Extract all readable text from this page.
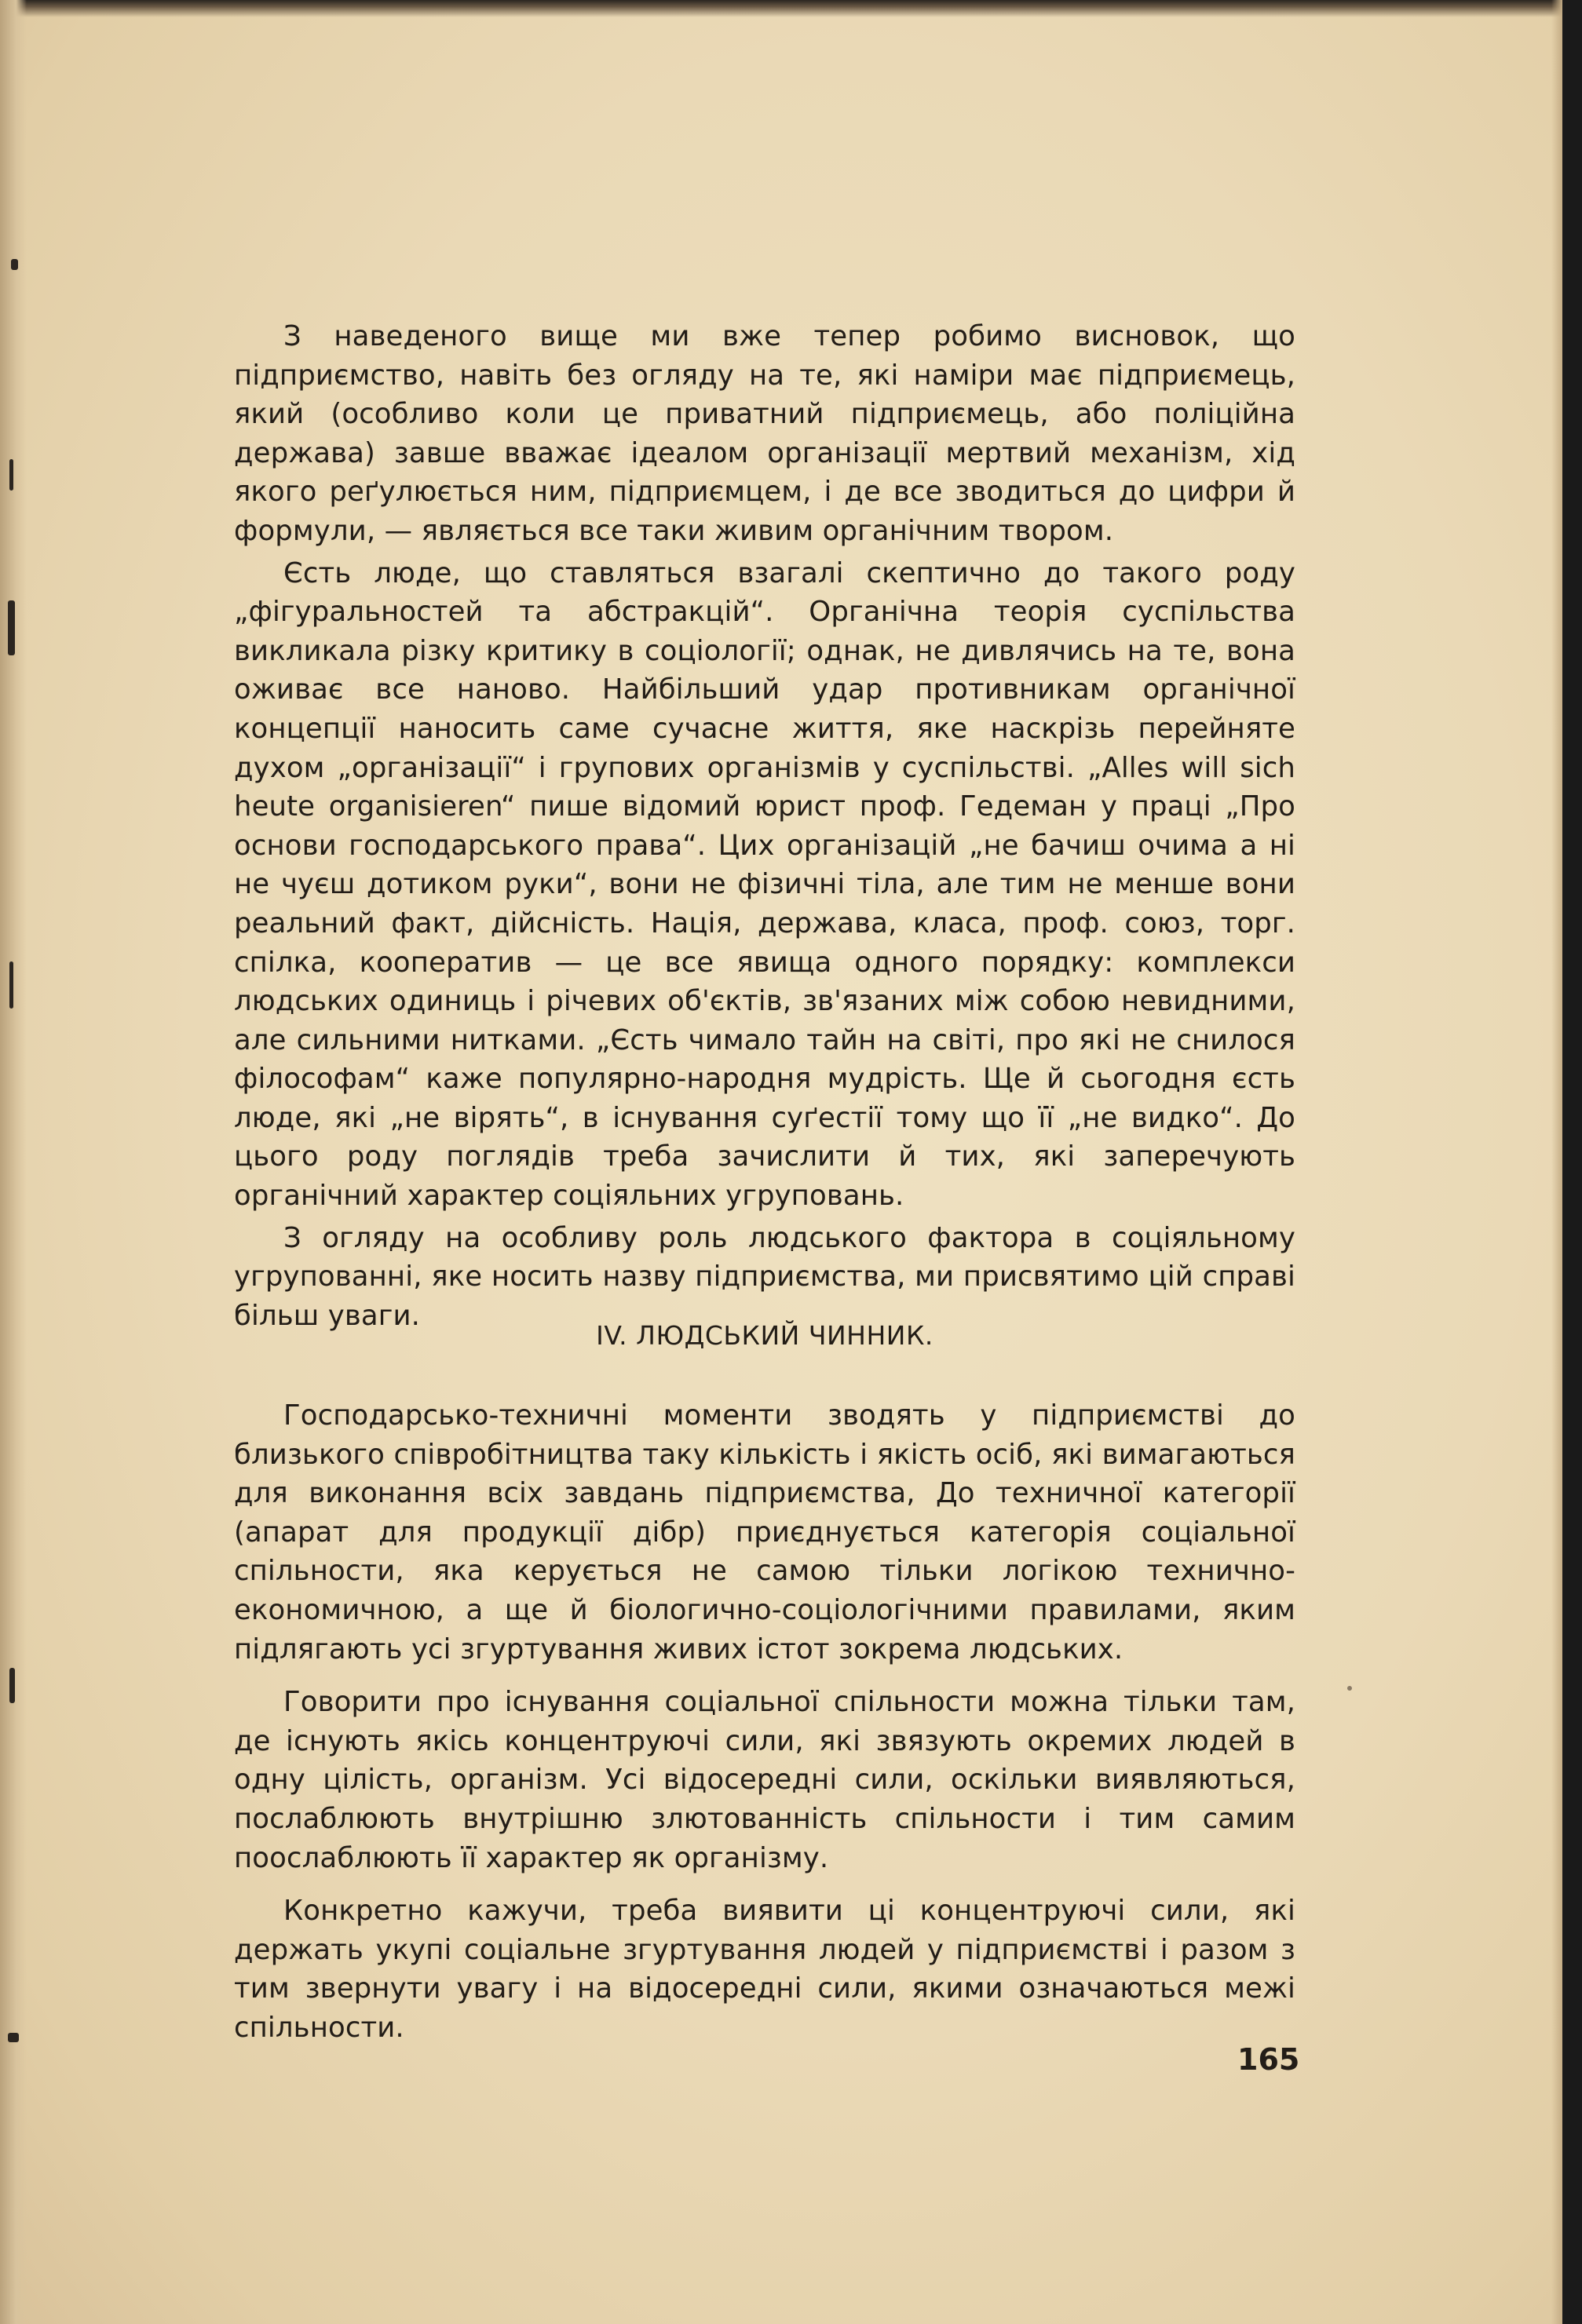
З наведеного вище ми вже тепер робимо висновок, що підприємство, навіть без огляду на те, які наміри має підприємець, який (особливо коли це приватний підприємець, або поліційна держава) завше вважає ідеалом організації мертвий механізм, хід якого реґулюється ним, підприємцем, і де все зводиться до цифри й формули, — являється все таки живим органічним твором.

Єсть люде, що ставляться взагалі скептично до такого роду „фігуральностей та абстракцій“. Органічна теорія суспільства викликала різку критику в соціології; однак, не дивлячись на те, вона оживає все наново. Найбільший удар противникам органічної концепції наносить саме сучасне життя, яке наскрізь перейняте духом „організації“ і групових організмів у суспільстві. „Alles will sich heute organisieren“ пише відомий юрист проф. Гедеман у праці „Про основи господарського права“. Цих організацій „не бачиш очима а ні не чуєш дотиком руки“, вони не фізичні тіла, але тим не менше вони реальний факт, дійсність. Нація, держава, класа, проф. союз, торг. спілка, кооператив — це все явища одного порядку: комплекси людських одиниць і річевих об'єктів, зв'язаних між собою невидними, але сильними нитками. „Єсть чимало тайн на світі, про які не снилося філософам“ каже популярно-народня мудрість. Ще й сьогодня єсть люде, які „не вірять“, в існування суґестії тому що її „не видко“. До цього роду поглядів треба зачислити й тих, які заперечують органічний характер соціяльних угруповань.

З огляду на особливу роль людського фактора в соціяльному угрупованні, яке носить назву підприємства, ми присвятимо цій справі більш уваги.

IV. ЛЮДСЬКИЙ ЧИННИК.

Господарсько-техничні моменти зводять у підприємстві до близького співробітництва таку кількість і якість осіб, які вимагаються для виконання всіх завдань підприємства, До техничної категорії (апарат для продукції дібр) приєднується категорія соціальної спільности, яка керується не самою тільки логікою технично-економичною, а ще й біологично-соціологічними правилами, яким підлягають усі згуртування живих істот зокрема людських.

Говорити про існування соціальної спільности можна тільки там, де існують якісь концентруючі сили, які звязують окремих людей в одну цілість, організм. Усі відосередні сили, оскільки виявляються, послаблюють внутрішню злютованність спільности і тим самим поослаблюють її характер як організму.

Конкретно кажучи, треба виявити ці концентруючі сили, які держать укупі соціальне згуртування людей у підприємстві і разом з тим звернути увагу і на відосередні сили, якими означаються межі спільности.

165
